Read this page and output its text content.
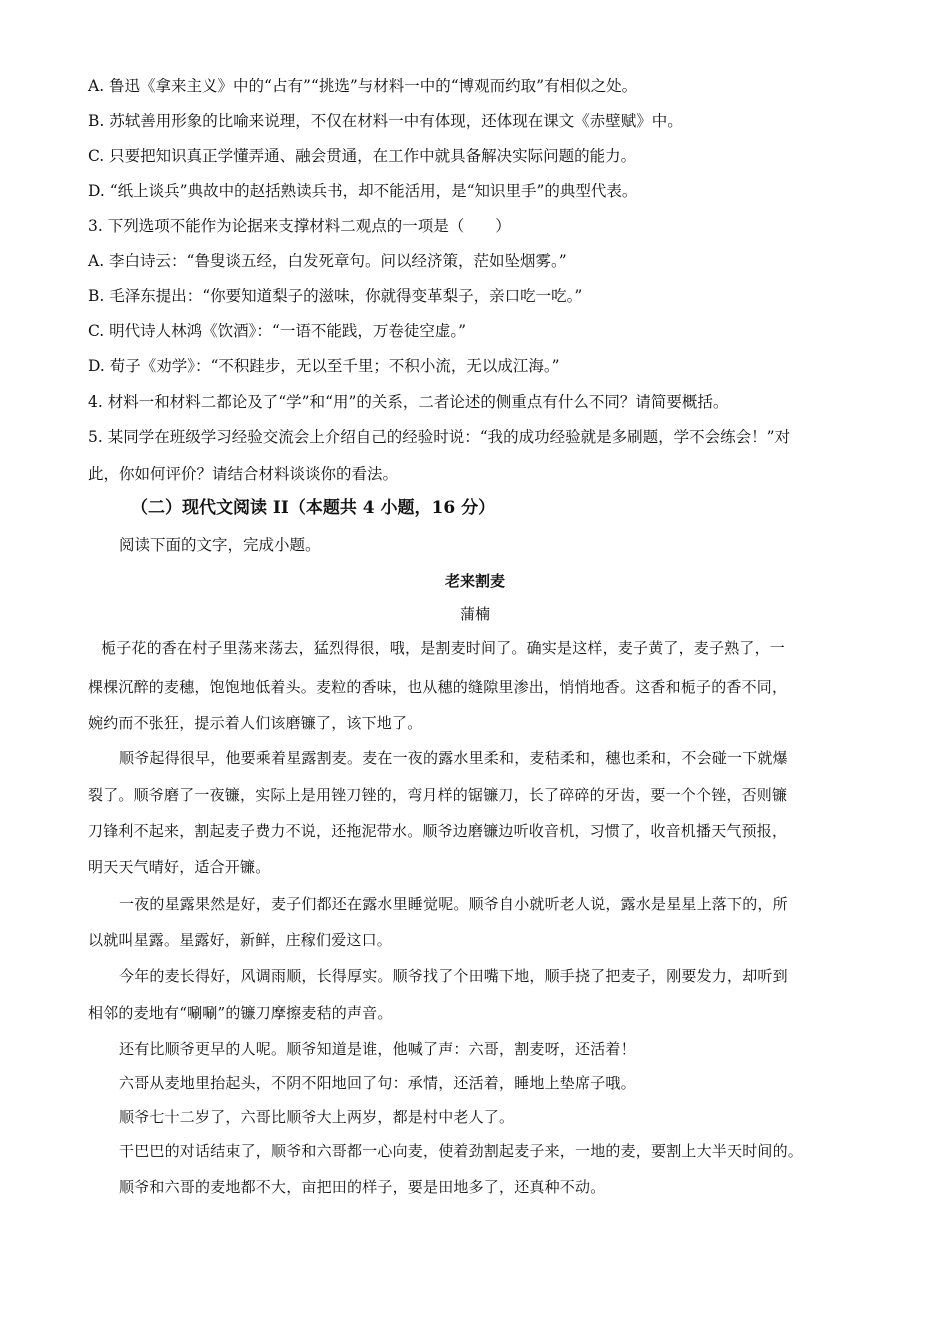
A. 鲁迅《拿来主义》中的“占有”“挑选”与材料一中的“博观而约取”有相似之处。
B. 苏轼善用形象的比喻来说理，不仅在材料一中有体现，还体现在课文《赤壁赋》中。
C. 只要把知识真正学懂弄通、融会贯通，在工作中就具备解决实际问题的能力。
D. “纸上谈兵”典故中的赵括熟读兵书，却不能活用，是“知识里手”的典型代表。
3. 下列选项不能作为论据来支撑材料二观点的一项是（　　）
A. 李白诗云：“鲁叟谈五经，白发死章句。问以经济策，茫如坠烟雾。”
B. 毛泽东提出：“你要知道梨子的滋味，你就得变革梨子，亲口吃一吃。”
C. 明代诗人林鸿《饮酒》：“一语不能践，万卷徒空虚。”
D. 荀子《劝学》：“不积跬步，无以至千里；不积小流，无以成江海。”
4. 材料一和材料二都论及了“学”和“用”的关系，二者论述的侧重点有什么不同？请简要概括。
5. 某同学在班级学习经验交流会上介绍自己的经验时说：“我的成功经验就是多刷题，学不会练会！”对
此，你如何评价？请结合材料谈谈你的看法。
（二）现代文阅读 II（本题共 4 小题，16 分）
阅读下面的文字，完成小题。
老来割麦
蒲楠
栀子花的香在村子里荡来荡去，猛烈得很，哦，是割麦时间了。确实是这样，麦子黄了，麦子熟了，一
棵棵沉醉的麦穗，饱饱地低着头。麦粒的香味，也从穗的缝隙里渗出，悄悄地香。这香和栀子的香不同，
婉约而不张狂，提示着人们该磨镰了，该下地了。
顺爷起得很早，他要乘着星露割麦。麦在一夜的露水里柔和，麦秸柔和，穗也柔和，不会碰一下就爆
裂了。顺爷磨了一夜镰，实际上是用锉刀锉的，弯月样的锯镰刀，长了碎碎的牙齿，要一个个锉，否则镰
刀锋利不起来，割起麦子费力不说，还拖泥带水。顺爷边磨镰边听收音机，习惯了，收音机播天气预报，
明天天气晴好，适合开镰。
一夜的星露果然是好，麦子们都还在露水里睡觉呢。顺爷自小就听老人说，露水是星星上落下的，所
以就叫星露。星露好，新鲜，庄稼们爱这口。
今年的麦长得好，风调雨顺，长得厚实。顺爷找了个田嘴下地，顺手挠了把麦子，刚要发力，却听到
相邻的麦地有“唰唰”的镰刀摩擦麦秸的声音。
还有比顺爷更早的人呢。顺爷知道是谁，他喊了声：六哥，割麦呀，还活着！
六哥从麦地里抬起头，不阴不阳地回了句：承情，还活着，睡地上垫席子哦。
顺爷七十二岁了，六哥比顺爷大上两岁，都是村中老人了。
干巴巴的对话结束了，顺爷和六哥都一心向麦，使着劲割起麦子来，一地的麦，要割上大半天时间的。
顺爷和六哥的麦地都不大，亩把田的样子，要是田地多了，还真种不动。
